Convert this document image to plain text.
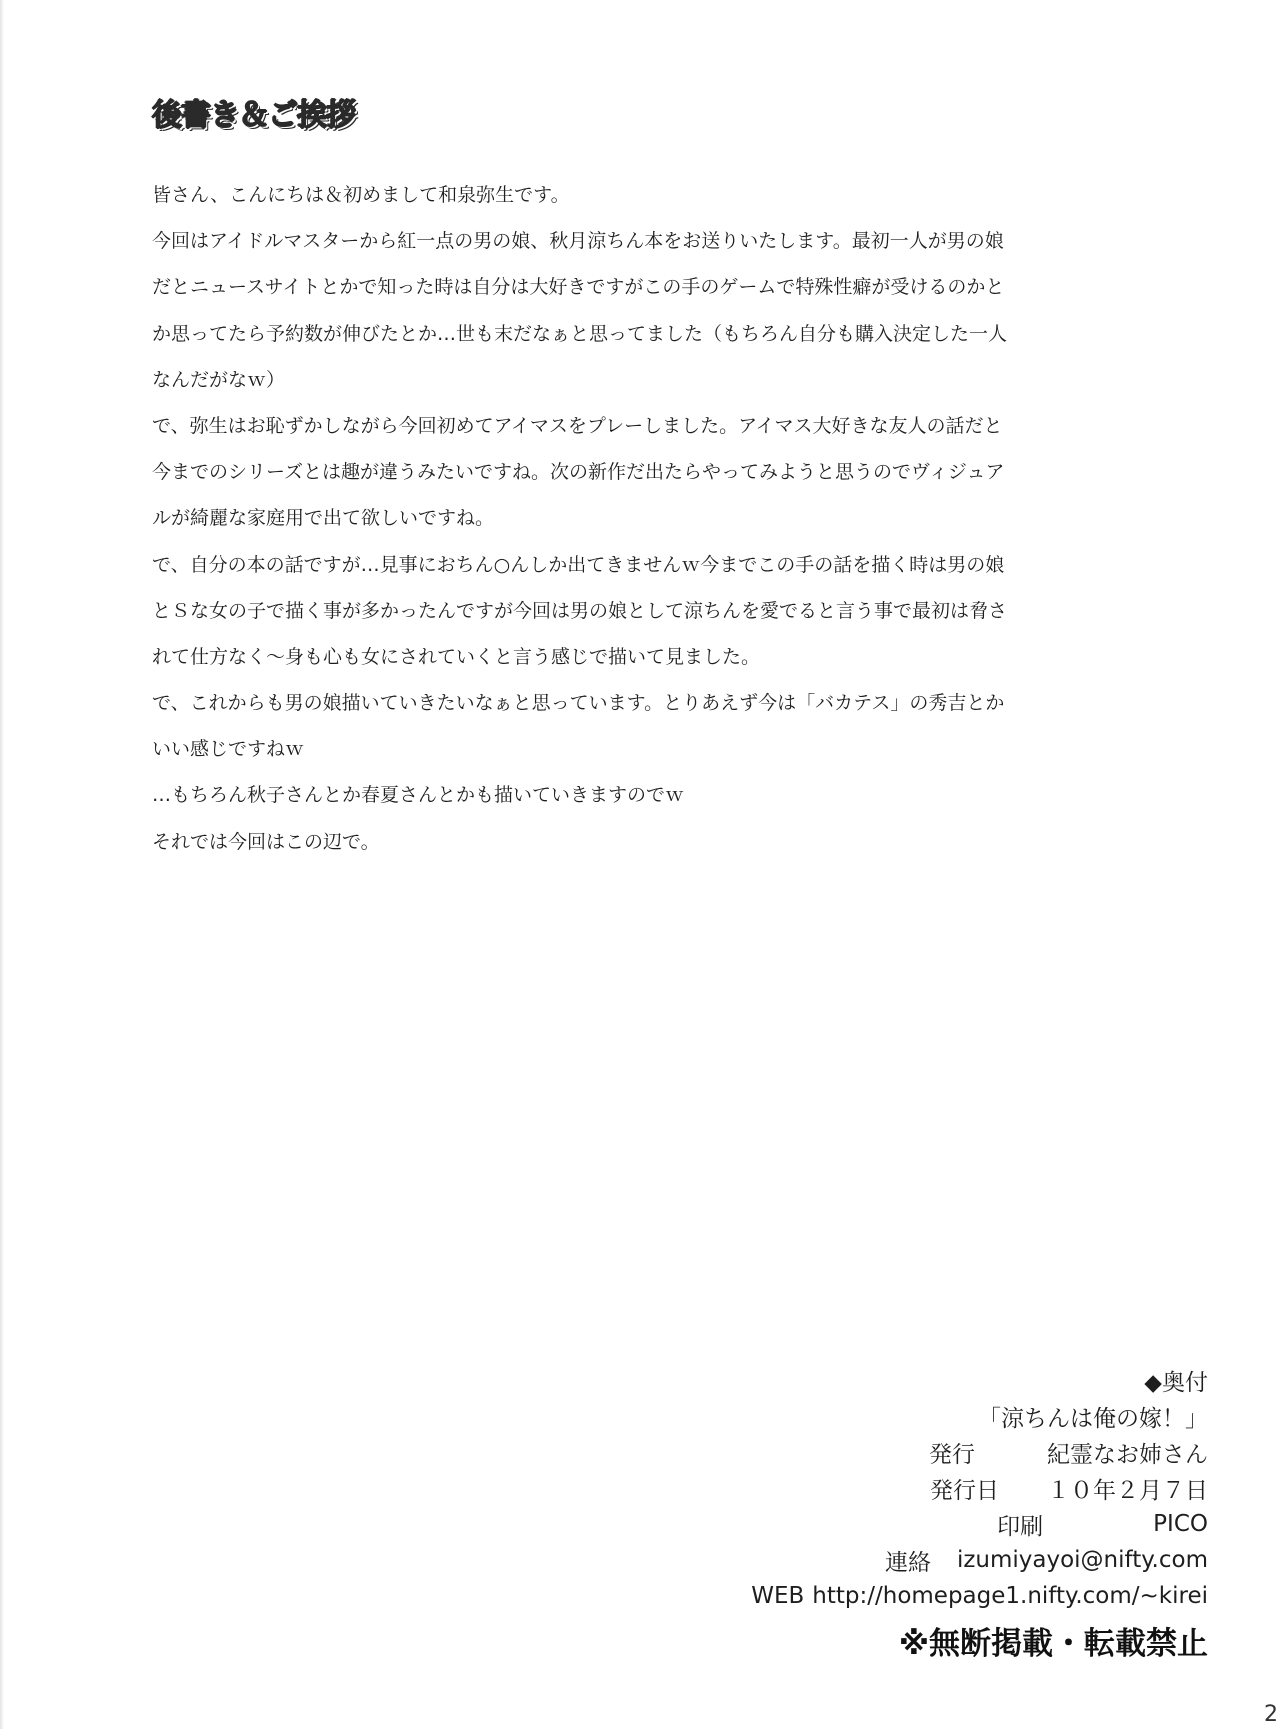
後書き＆ご挨拶
皆さん、こんにちは＆初めまして和泉弥生です。
今回はアイドルマスターから紅一点の男の娘、秋月涼ちん本をお送りいたします。最初一人が男の娘
だとニュースサイトとかで知った時は自分は大好きですがこの手のゲームで特殊性癖が受けるのかと
か思ってたら予約数が伸びたとか…世も末だなぁと思ってました（もちろん自分も購入決定した一人
なんだがなｗ）
で、弥生はお恥ずかしながら今回初めてアイマスをプレーしました。アイマス大好きな友人の話だと
今までのシリーズとは趣が違うみたいですね。次の新作だ出たらやってみようと思うのでヴィジュア
ルが綺麗な家庭用で出て欲しいですね。
で、自分の本の話ですが…見事におちん○んしか出てきませんｗ今までこの手の話を描く時は男の娘
とＳな女の子で描く事が多かったんですが今回は男の娘として涼ちんを愛でると言う事で最初は脅さ
れて仕方なく～身も心も女にされていくと言う感じで描いて見ました。
で、これからも男の娘描いていきたいなぁと思っています。とりあえず今は「バカテス」の秀吉とか
いい感じですねｗ
…もちろん秋子さんとか春夏さんとかも描いていきますのでｗ
それでは今回はこの辺で。
◆奥付
「涼ちんは俺の嫁！」
発行	紀霊なお姉さん
発行日 １０年２月７日
印刷	PICO
連絡 izumiyayoi@nifty.com
WEB http://homepage1.nifty.com/~kirei
※無断掲載・転載禁止
2
